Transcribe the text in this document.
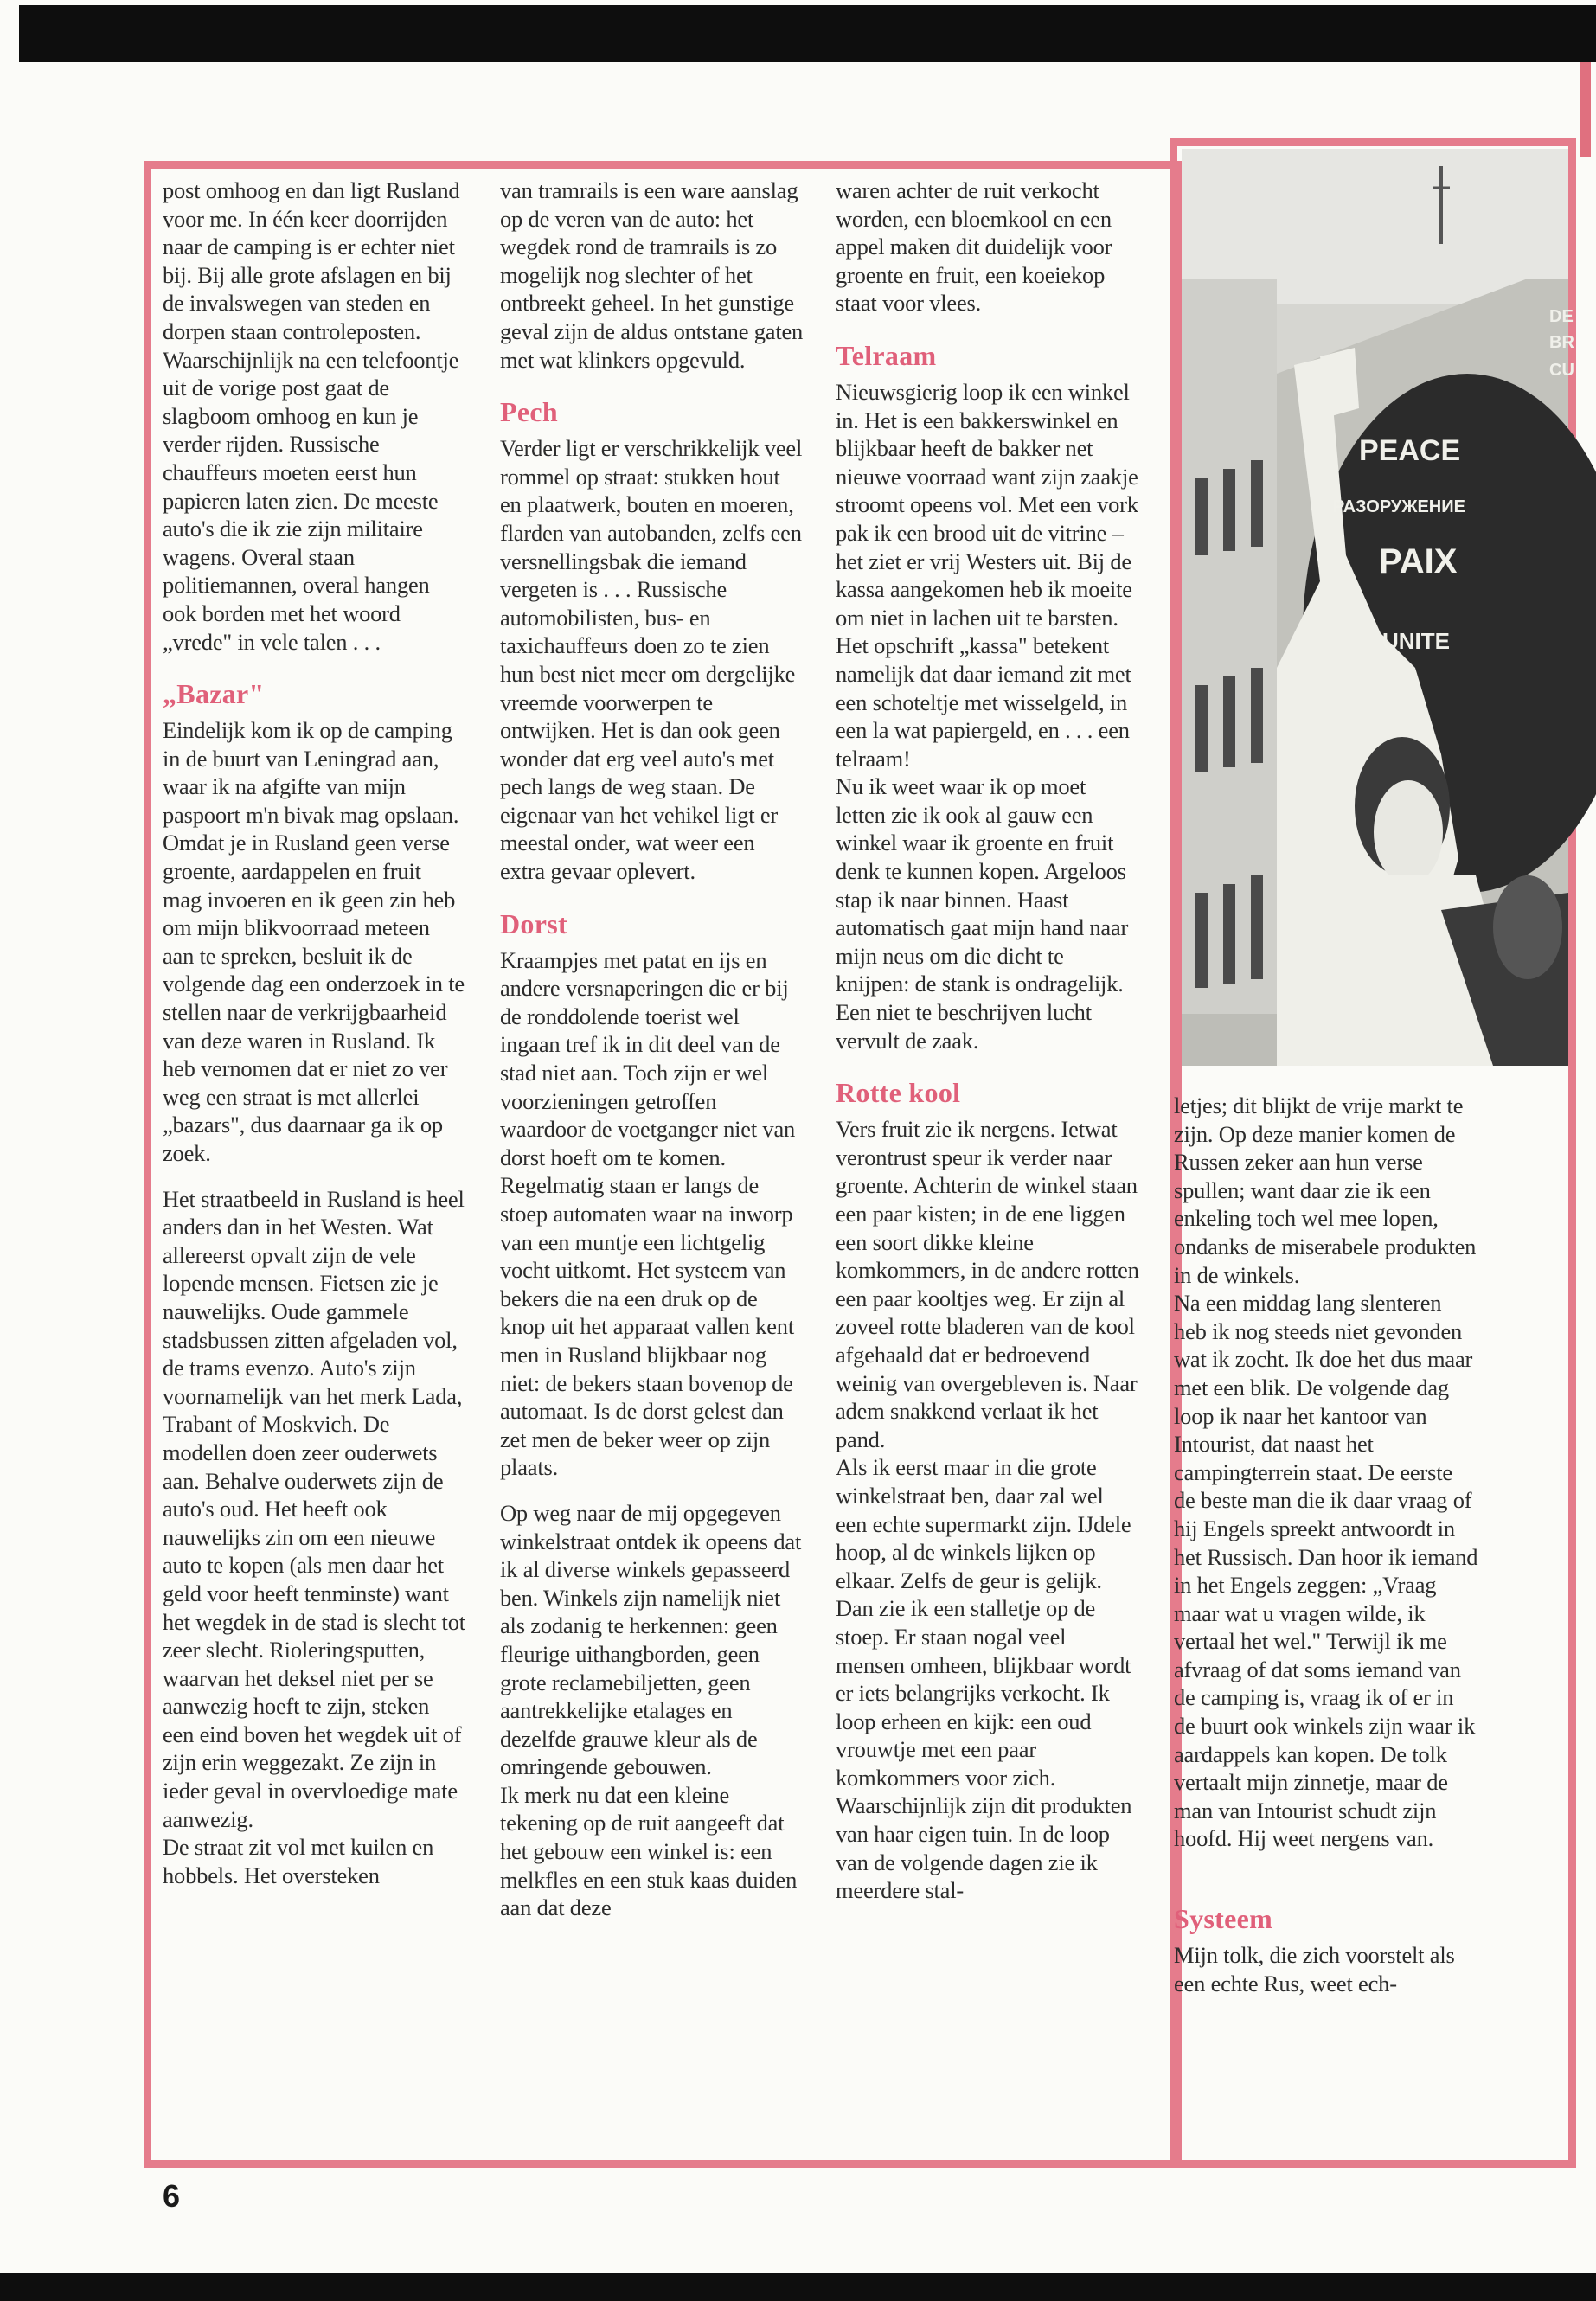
PEACE
РАЗОРУЖЕНИЕ
PAIX
UNITE
DE
BR
CU

post omhoog en dan ligt Rusland voor me. In één keer doorrijden naar de camping is er echter niet bij. Bij alle grote afslagen en bij de invalswegen van steden en dorpen staan controleposten. Waarschijnlijk na een telefoontje uit de vorige post gaat de slagboom omhoog en kun je verder rijden. Russische chauffeurs moeten eerst hun papieren laten zien. De meeste auto's die ik zie zijn militaire wagens. Overal staan politiemannen, overal hangen ook borden met het woord „vrede" in vele talen . . .

„Bazar"

Eindelijk kom ik op de camping in de buurt van Leningrad aan, waar ik na afgifte van mijn paspoort m'n bivak mag opslaan. Omdat je in Rusland geen verse groente, aardappelen en fruit mag invoeren en ik geen zin heb om mijn blikvoorraad meteen aan te spreken, besluit ik de volgende dag een onderzoek in te stellen naar de verkrijgbaarheid van deze waren in Rusland. Ik heb vernomen dat er niet zo ver weg een straat is met allerlei „bazars", dus daarnaar ga ik op zoek.

Het straatbeeld in Rusland is heel anders dan in het Westen. Wat allereerst opvalt zijn de vele lopende mensen. Fietsen zie je nauwelijks. Oude gammele stadsbussen zitten afgeladen vol, de trams evenzo. Auto's zijn voornamelijk van het merk Lada, Trabant of Moskvich. De modellen doen zeer ouderwets aan. Behalve ouderwets zijn de auto's oud. Het heeft ook nauwelijks zin om een nieuwe auto te kopen (als men daar het geld voor heeft tenminste) want het wegdek in de stad is slecht tot zeer slecht. Rioleringsputten, waarvan het deksel niet per se aanwezig hoeft te zijn, steken een eind boven het wegdek uit of zijn erin weggezakt. Ze zijn in ieder geval in overvloedige mate aanwezig.

De straat zit vol met kuilen en hobbels. Het oversteken

van tramrails is een ware aanslag op de veren van de auto: het wegdek rond de tramrails is zo mogelijk nog slechter of het ontbreekt geheel. In het gunstige geval zijn de aldus ontstane gaten met wat klinkers opgevuld.

Pech

Verder ligt er verschrikkelijk veel rommel op straat: stukken hout en plaatwerk, bouten en moeren, flarden van autobanden, zelfs een versnellingsbak die iemand vergeten is . . . Russische automobilisten, bus- en taxichauffeurs doen zo te zien hun best niet meer om dergelijke vreemde voorwerpen te ontwijken. Het is dan ook geen wonder dat erg veel auto's met pech langs de weg staan. De eigenaar van het vehikel ligt er meestal onder, wat weer een extra gevaar oplevert.

Dorst

Kraampjes met patat en ijs en andere versnaperingen die er bij de ronddolende toerist wel ingaan tref ik in dit deel van de stad niet aan. Toch zijn er wel voorzieningen getroffen waardoor de voetganger niet van dorst hoeft om te komen. Regelmatig staan er langs de stoep automaten waar na inworp van een muntje een lichtgelig vocht uitkomt. Het systeem van bekers die na een druk op de knop uit het apparaat vallen kent men in Rusland blijkbaar nog niet: de bekers staan bovenop de automaat. Is de dorst gelest dan zet men de beker weer op zijn plaats.

Op weg naar de mij opgegeven winkelstraat ontdek ik opeens dat ik al diverse winkels gepasseerd ben. Winkels zijn namelijk niet als zodanig te herkennen: geen fleurige uithangborden, geen grote reclamebiljetten, geen aantrekkelijke etalages en dezelfde grauwe kleur als de omringende gebouwen.

Ik merk nu dat een kleine tekening op de ruit aangeeft dat het gebouw een winkel is: een melkfles en een stuk kaas duiden aan dat deze

waren achter de ruit verkocht worden, een bloemkool en een appel maken dit duidelijk voor groente en fruit, een koeiekop staat voor vlees.

Telraam

Nieuwsgierig loop ik een winkel in. Het is een bakkerswinkel en blijkbaar heeft de bakker net nieuwe voorraad want zijn zaakje stroomt opeens vol. Met een vork pak ik een brood uit de vitrine – het ziet er vrij Westers uit. Bij de kassa aangekomen heb ik moeite om niet in lachen uit te barsten. Het opschrift „kassa" betekent namelijk dat daar iemand zit met een schoteltje met wisselgeld, in een la wat papiergeld, en . . . een telraam!

Nu ik weet waar ik op moet letten zie ik ook al gauw een winkel waar ik groente en fruit denk te kunnen kopen. Argeloos stap ik naar binnen. Haast automatisch gaat mijn hand naar mijn neus om die dicht te knijpen: de stank is ondragelijk. Een niet te beschrijven lucht vervult de zaak.

Rotte kool

Vers fruit zie ik nergens. Ietwat verontrust speur ik verder naar groente. Achterin de winkel staan een paar kisten; in de ene liggen een soort dikke kleine komkommers, in de andere rotten een paar kooltjes weg. Er zijn al zoveel rotte bladeren van de kool afgehaald dat er bedroevend weinig van overgebleven is. Naar adem snakkend verlaat ik het pand.

Als ik eerst maar in die grote winkelstraat ben, daar zal wel een echte supermarkt zijn. IJdele hoop, al de winkels lijken op elkaar. Zelfs de geur is gelijk. Dan zie ik een stalletje op de stoep. Er staan nogal veel mensen omheen, blijkbaar wordt er iets belangrijks verkocht. Ik loop erheen en kijk: een oud vrouwtje met een paar komkommers voor zich. Waarschijnlijk zijn dit produkten van haar eigen tuin. In de loop van de volgende dagen zie ik meerdere stal-

letjes; dit blijkt de vrije markt te zijn. Op deze manier komen de Russen zeker aan hun verse spullen; want daar zie ik een enkeling toch wel mee lopen, ondanks de miserabele produkten in de winkels.

Na een middag lang slenteren heb ik nog steeds niet gevonden wat ik zocht. Ik doe het dus maar met een blik. De volgende dag loop ik naar het kantoor van Intourist, dat naast het campingterrein staat. De eerste de beste man die ik daar vraag of hij Engels spreekt antwoordt in het Russisch. Dan hoor ik iemand in het Engels zeggen: „Vraag maar wat u vragen wilde, ik vertaal het wel." Terwijl ik me afvraag of dat soms iemand van de camping is, vraag ik of er in de buurt ook winkels zijn waar ik aardappels kan kopen. De tolk vertaalt mijn zinnetje, maar de man van Intourist schudt zijn hoofd. Hij weet nergens van.

Systeem

Mijn tolk, die zich voorstelt als een echte Rus, weet ech-

6
